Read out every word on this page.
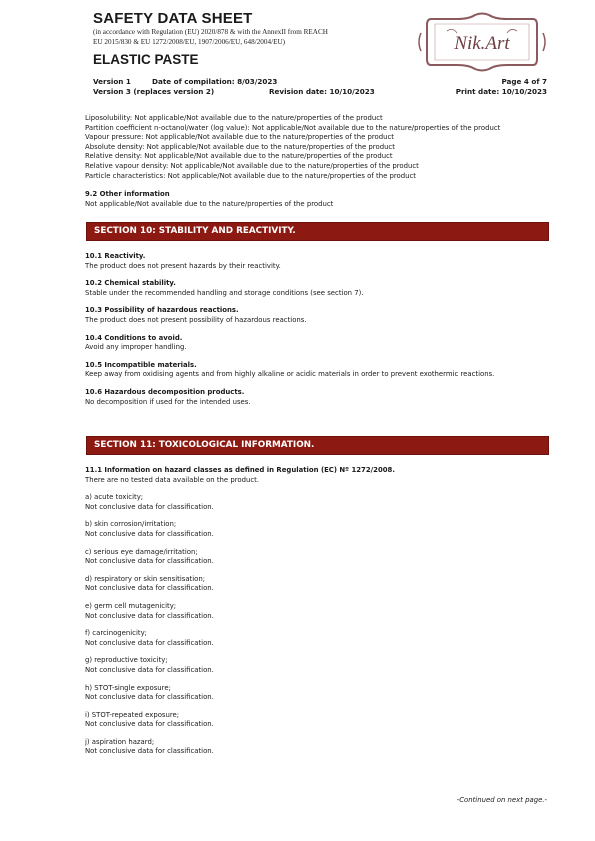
SAFETY DATA SHEET
(in accordance with Regulation (EU) 2020/878 & with the AnnexII from REACH
EU 2015/830 & EU 1272/2008/EU, 1907/2006/EU, 648/2004/EU)
ELASTIC PASTE
Nik.Art
Version 1	Date of compilation: 8/03/2023	Page 4 of 7
Version 3 (replaces version 2)	Revision date: 10/10/2023	Print date: 10/10/2023

Liposolubility: Not applicable/Not available due to the nature/properties of the product

Partition coefficient n-octanol/water (log value): Not applicable/Not available due to the nature/properties of the product

Vapour pressure: Not applicable/Not available due to the nature/properties of the product

Absolute density: Not applicable/Not available due to the nature/properties of the product

Relative density: Not applicable/Not available due to the nature/properties of the product

Relative vapour density: Not applicable/Not available due to the nature/properties of the product

Particle characteristics: Not applicable/Not available due to the nature/properties of the product

9.2 Other information

Not applicable/Not available due to the nature/properties of the product

SECTION 10: STABILITY AND REACTIVITY.

10.1 Reactivity.

The product does not present hazards by their reactivity.

10.2 Chemical stability.

Stable under the recommended handling and storage conditions (see section 7).

10.3 Possibility of hazardous reactions.

The product does not present possibility of hazardous reactions.

10.4 Conditions to avoid.

Avoid any improper handling.

10.5 Incompatible materials.

Keep away from oxidising agents and from highly alkaline or acidic materials in order to prevent exothermic reactions.

10.6 Hazardous decomposition products.

No decomposition if used for the intended uses.

SECTION 11: TOXICOLOGICAL INFORMATION.

11.1 Information on hazard classes as defined in Regulation (EC) Nº 1272/2008.

There are no tested data available on the product.

a) acute toxicity;

Not conclusive data for classification.

b) skin corrosion/irritation;

Not conclusive data for classification.

c) serious eye damage/irritation;

Not conclusive data for classification.

d) respiratory or skin sensitisation;

Not conclusive data for classification.

e) germ cell mutagenicity;

Not conclusive data for classification.

f) carcinogenicity;

Not conclusive data for classification.

g) reproductive toxicity;

Not conclusive data for classification.

h) STOT-single exposure;

Not conclusive data for classification.

i) STOT-repeated exposure;

Not conclusive data for classification.

j) aspiration hazard;

Not conclusive data for classification.

-Continued on next page.-
